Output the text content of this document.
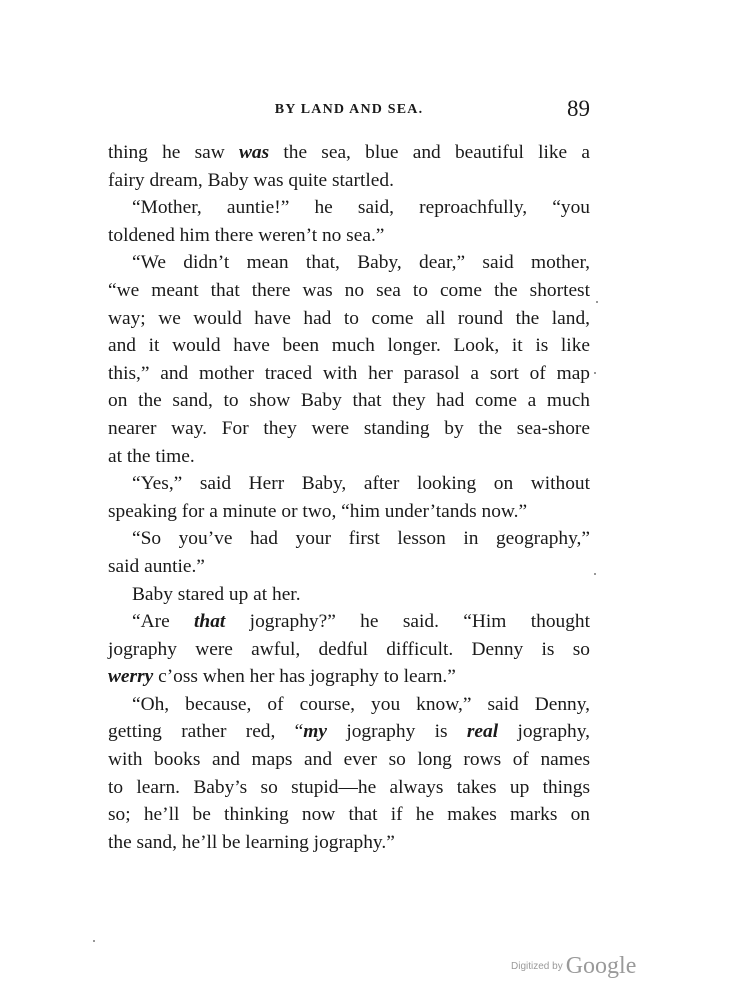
BY LAND AND SEA.	89
thing he saw was the sea, blue and beautiful like a
fairy dream, Baby was quite startled.
“Mother, auntie!” he said, reproachfully, “you
toldened him there weren’t no sea.”
“We didn’t mean that, Baby, dear,” said mother,
“we meant that there was no sea to come the shortest
way; we would have had to come all round the land,
and it would have been much longer. Look, it is like
this,” and mother traced with her parasol a sort of map
on the sand, to show Baby that they had come a much
nearer way. For they were standing by the sea-shore
at the time.
“Yes,” said Herr Baby, after looking on without
speaking for a minute or two, “him under’tands now.”
“So you’ve had your first lesson in geography,”
said auntie.”
Baby stared up at her.
“Are that jography?” he said. “Him thought
jography were awful, dedful difficult. Denny is so
werry c’oss when her has jography to learn.”
“Oh, because, of course, you know,” said Denny,
getting rather red, “my jography is real jography,
with books and maps and ever so long rows of names
to learn. Baby’s so stupid—he always takes up things
so; he’ll be thinking now that if he makes marks on
the sand, he’ll be learning jography.”
$^{Digitized by}$ Google
